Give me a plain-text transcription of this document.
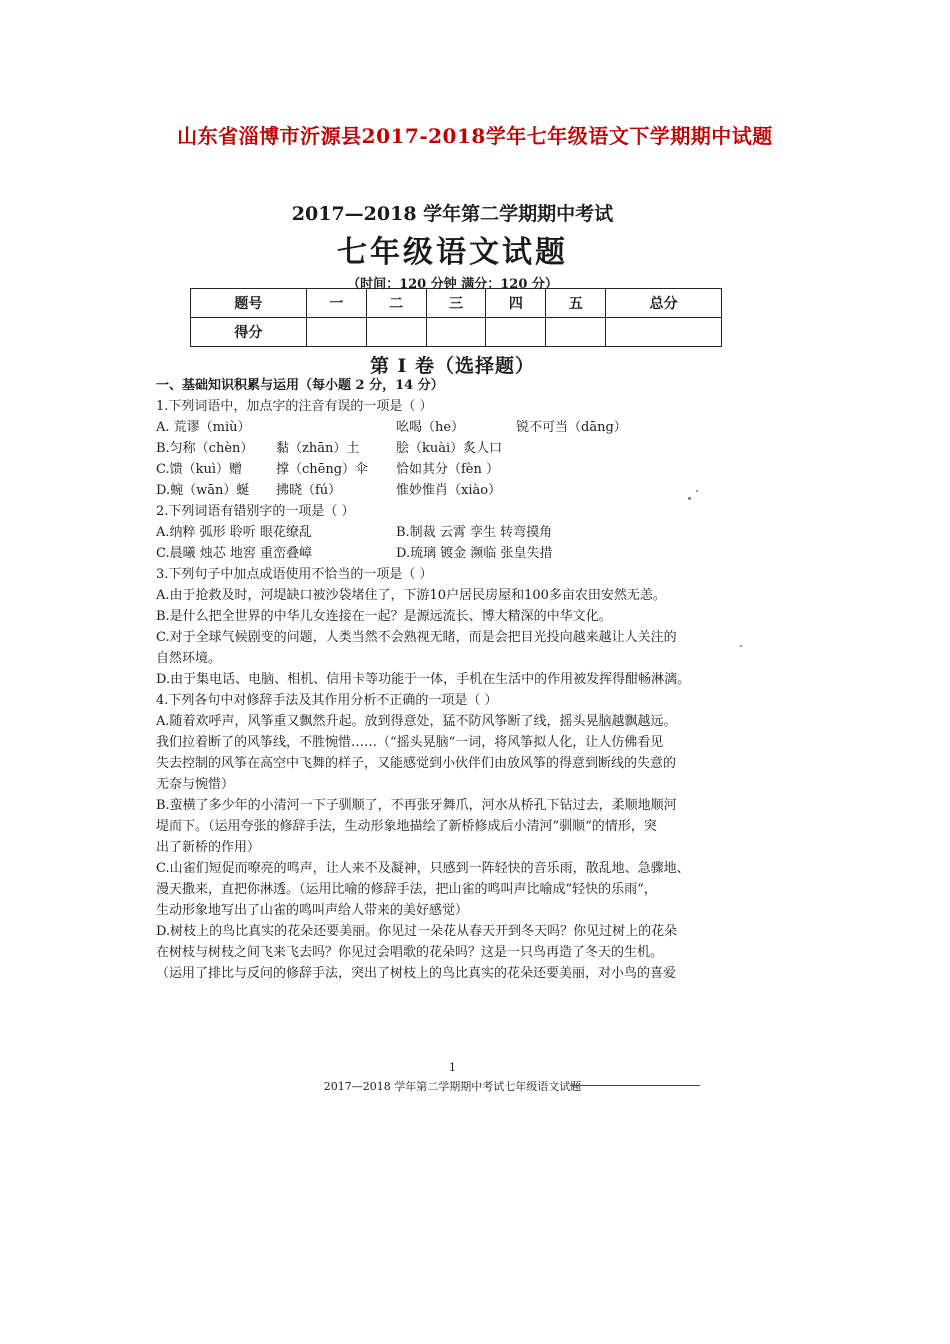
山东省淄博市沂源县2017-2018学年七年级语文下学期期中试题
2017—2018 学年第二学期期中考试
七年级语文试题
（时间：120 分钟 满分：120 分）
题号	一	二	三	四	五	总分
得分						
第 Ⅰ 卷（选择题）
一、基础知识积累与运用（每小题 2 分，14 分）
1.下列词语中，加点字的注音有误的一项是（ ）
A. 荒谬（miù）	吆喝（he）	锐不可当（dāng）
B.匀称（chèn）	黏（zhān）土	脍（kuài）炙人口
C.馈（kuì）赠	撑（chēng）伞	恰如其分（fèn ）
D.蜿（wān）蜒	拂晓（fú）	惟妙惟肖（xiào）
2.下列词语有错别字的一项是（ ）
A.纳粹 弧形 聆听 眼花缭乱	B.制裁 云霄 孪生 转弯摸角
C.晨曦 烛芯 地窖 重峦叠嶂	D.琉璃 镀金 濒临 张皇失措
3.下列句子中加点成语使用不恰当的一项是（ ）
A.由于抢救及时，河堤缺口被沙袋堵住了，下游10户居民房屋和100多亩农田安然无恙。
B.是什么把全世界的中华儿女连接在一起？是源远流长、博大精深的中华文化。
C.对于全球气候剧变的问题，人类当然不会熟视无睹，而是会把目光投向越来越让人关注的
自然环境。
D.由于集电话、电脑、相机、信用卡等功能于一体，手机在生活中的作用被发挥得酣畅淋漓。
4.下列各句中对修辞手法及其作用分析不正确的一项是（ ）
A.随着欢呼声，风筝重又飘然升起。放到得意处，猛不防风筝断了线，摇头晃脑越飘越远。
我们拉着断了的风筝线，不胜惋惜……（“摇头晃脑“一词，将风筝拟人化，让人仿佛看见
失去控制的风筝在高空中飞舞的样子，又能感觉到小伙伴们由放风筝的得意到断线的失意的
无奈与惋惜）
B.蛮横了多少年的小清河一下子驯顺了，不再张牙舞爪，河水从桥孔下钻过去，柔顺地顺河
堤而下。（运用夸张的修辞手法，生动形象地描绘了新桥修成后小清河”驯顺“的情形，突
出了新桥的作用）
C.山雀们短促而嘹亮的鸣声，让人来不及凝神，只感到一阵轻快的音乐雨，散乱地、急骤地、
漫天撒来，直把你淋透。（运用比喻的修辞手法，把山雀的鸣叫声比喻成”轻快的乐雨“，
生动形象地写出了山雀的鸣叫声给人带来的美好感觉）
D.树枝上的鸟比真实的花朵还要美丽。你见过一朵花从春天开到冬天吗？你见过树上的花朵
在树枝与树枝之间飞来飞去吗？你见过会唱歌的花朵吗？这是一只鸟再造了冬天的生机。
（运用了排比与反问的修辞手法，突出了树枝上的鸟比真实的花朵还要美丽，对小鸟的喜爱
1
2017—2018 学年第二学期期中考试七年级语文试题
